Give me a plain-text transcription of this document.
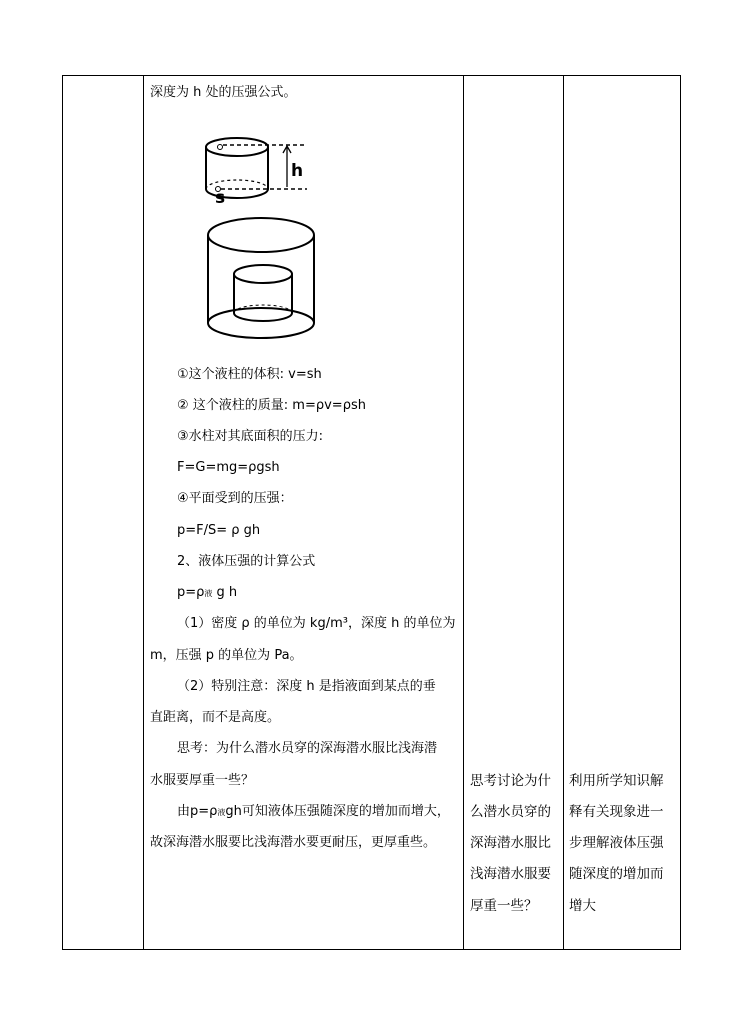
深度为 h 处的压强公式。
h
s
①这个液柱的体积: v=sh
② 这个液柱的质量: m=ρv=ρsh
③水柱对其底面积的压力:
F=G=mg=ρgsh
④平面受到的压强：
p=F/S= ρ gh
2、液体压强的计算公式
p=ρ液 g h
（1）密度 ρ 的单位为 kg/m³，深度 h 的单位为
m，压强 p 的单位为 Pa。
（2）特别注意：深度 h 是指液面到某点的垂
直距离，而不是高度。
思考：为什么潜水员穿的深海潜水服比浅海潜
水服要厚重一些？
由p=ρ液gh可知液体压强随深度的增加而增大，
故深海潜水服要比浅海潜水要更耐压，更厚重些。
思考讨论为什
么潜水员穿的
深海潜水服比
浅海潜水服要
厚重一些？
利用所学知识解
释有关现象进一
步理解液体压强
随深度的增加而
增大
